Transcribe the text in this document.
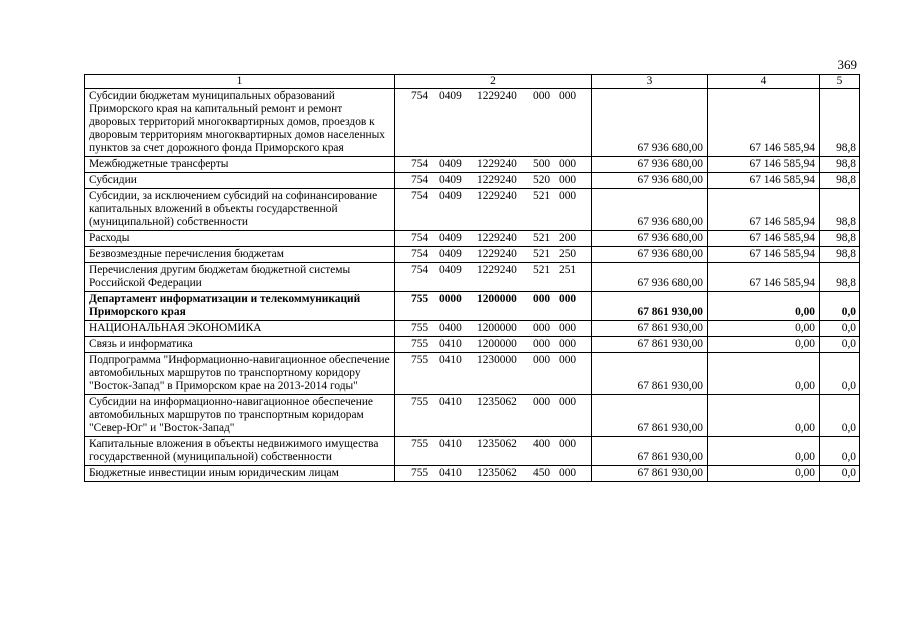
369
1	2	3	4	5
Субсидии бюджетам муниципальных образований Приморского края на капитальный ремонт и ремонт дворовых территорий многоквартирных домов, проездов к дворовым территориям многоквартирных домов населенных пунктов за счет дорожного фонда Приморского края	754 0409 1229240 000 000	67 936 680,00	67 146 585,94	98,8
Межбюджетные трансферты	754 0409 1229240 500 000	67 936 680,00	67 146 585,94	98,8
Субсидии	754 0409 1229240 520 000	67 936 680,00	67 146 585,94	98,8
Субсидии, за исключением субсидий на софинансирование капитальных вложений в объекты государственной (муниципальной) собственности	754 0409 1229240 521 000	67 936 680,00	67 146 585,94	98,8
Расходы	754 0409 1229240 521 200	67 936 680,00	67 146 585,94	98,8
Безвозмездные перечисления бюджетам	754 0409 1229240 521 250	67 936 680,00	67 146 585,94	98,8
Перечисления другим бюджетам бюджетной системы Российской Федерации	754 0409 1229240 521 251	67 936 680,00	67 146 585,94	98,8
Департамент информатизации и телекоммуникаций Приморского края	755 0000 1200000 000 000	67 861 930,00	0,00	0,0
НАЦИОНАЛЬНАЯ ЭКОНОМИКА	755 0400 1200000 000 000	67 861 930,00	0,00	0,0
Связь и информатика	755 0410 1200000 000 000	67 861 930,00	0,00	0,0
Подпрограмма "Информационно-навигационное обеспечение автомобильных маршрутов по транспортному коридору "Восток-Запад" в Приморском крае на 2013-2014 годы"	755 0410 1230000 000 000	67 861 930,00	0,00	0,0
Субсидии на информационно-навигационное обеспечение автомобильных маршрутов по транспортным коридорам "Север-Юг" и "Восток-Запад"	755 0410 1235062 000 000	67 861 930,00	0,00	0,0
Капитальные вложения в объекты недвижимого имущества государственной (муниципальной) собственности	755 0410 1235062 400 000	67 861 930,00	0,00	0,0
Бюджетные инвестиции иным юридическим лицам	755 0410 1235062 450 000	67 861 930,00	0,00	0,0
